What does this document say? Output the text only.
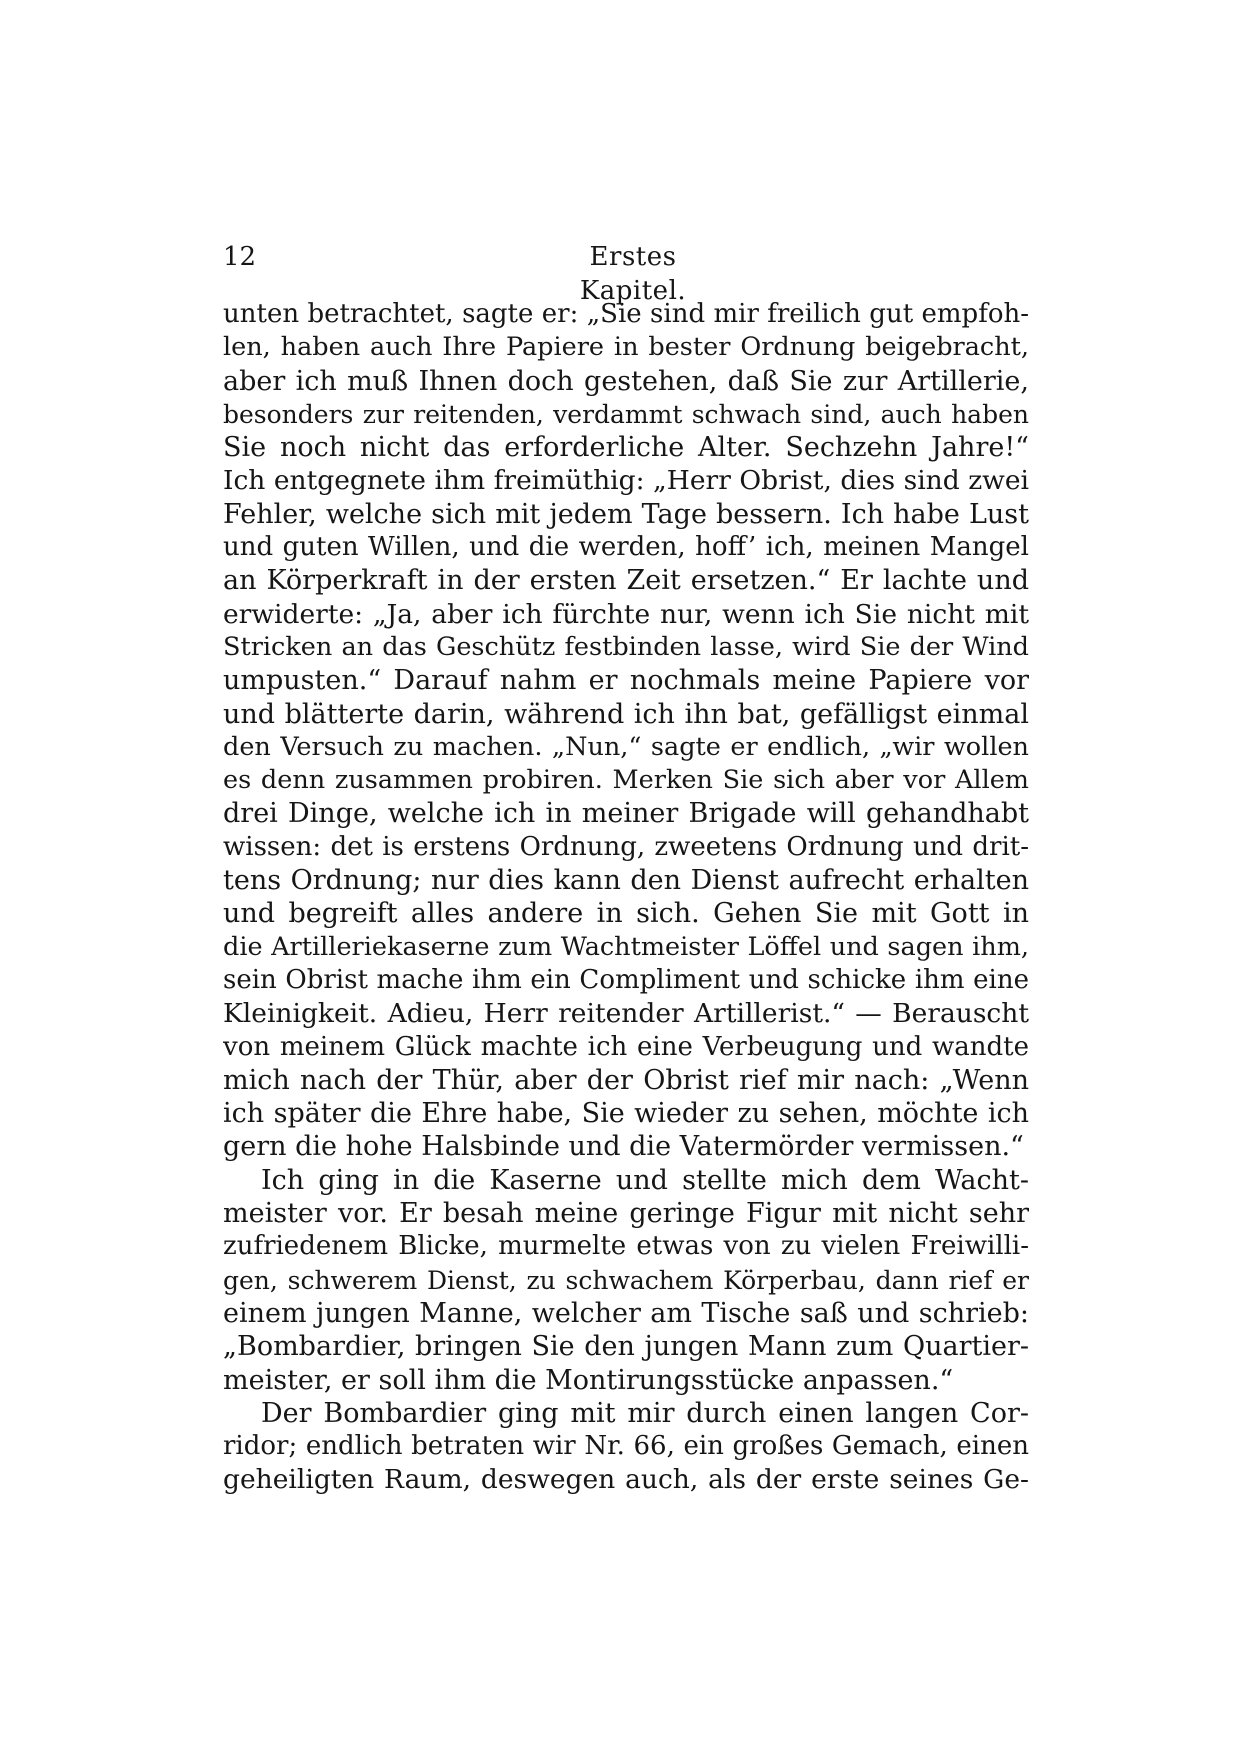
12	Erstes Kapitel.
unten betrachtet, sagte er: „Sie sind mir freilich gut empfoh-
len, haben auch Ihre Papiere in bester Ordnung beigebracht,
aber ich muß Ihnen doch gestehen, daß Sie zur Artillerie,
besonders zur reitenden, verdammt schwach sind, auch haben
Sie noch nicht das erforderliche Alter. Sechzehn Jahre!“
Ich entgegnete ihm freimüthig: „Herr Obrist, dies sind zwei
Fehler, welche sich mit jedem Tage bessern. Ich habe Lust
und guten Willen, und die werden, hoff’ ich, meinen Mangel
an Körperkraft in der ersten Zeit ersetzen.“ Er lachte und
erwiderte: „Ja, aber ich fürchte nur, wenn ich Sie nicht mit
Stricken an das Geschütz festbinden lasse, wird Sie der Wind
umpusten.“ Darauf nahm er nochmals meine Papiere vor
und blätterte darin, während ich ihn bat, gefälligst einmal
den Versuch zu machen. „Nun,“ sagte er endlich, „wir wollen
es denn zusammen probiren. Merken Sie sich aber vor Allem
drei Dinge, welche ich in meiner Brigade will gehandhabt
wissen: det is erstens Ordnung, zweetens Ordnung und drit-
tens Ordnung; nur dies kann den Dienst aufrecht erhalten
und begreift alles andere in sich. Gehen Sie mit Gott in
die Artilleriekaserne zum Wachtmeister Löffel und sagen ihm,
sein Obrist mache ihm ein Compliment und schicke ihm eine
Kleinigkeit. Adieu, Herr reitender Artillerist.“ — Berauscht
von meinem Glück machte ich eine Verbeugung und wandte
mich nach der Thür, aber der Obrist rief mir nach: „Wenn
ich später die Ehre habe, Sie wieder zu sehen, möchte ich
gern die hohe Halsbinde und die Vatermörder vermissen.“
Ich ging in die Kaserne und stellte mich dem Wacht-
meister vor. Er besah meine geringe Figur mit nicht sehr
zufriedenem Blicke, murmelte etwas von zu vielen Freiwilli-
gen, schwerem Dienst, zu schwachem Körperbau, dann rief er
einem jungen Manne, welcher am Tische saß und schrieb:
„Bombardier, bringen Sie den jungen Mann zum Quartier-
meister, er soll ihm die Montirungsstücke anpassen.“
Der Bombardier ging mit mir durch einen langen Cor-
ridor; endlich betraten wir Nr. 66, ein großes Gemach, einen
geheiligten Raum, deswegen auch, als der erste seines Ge-
